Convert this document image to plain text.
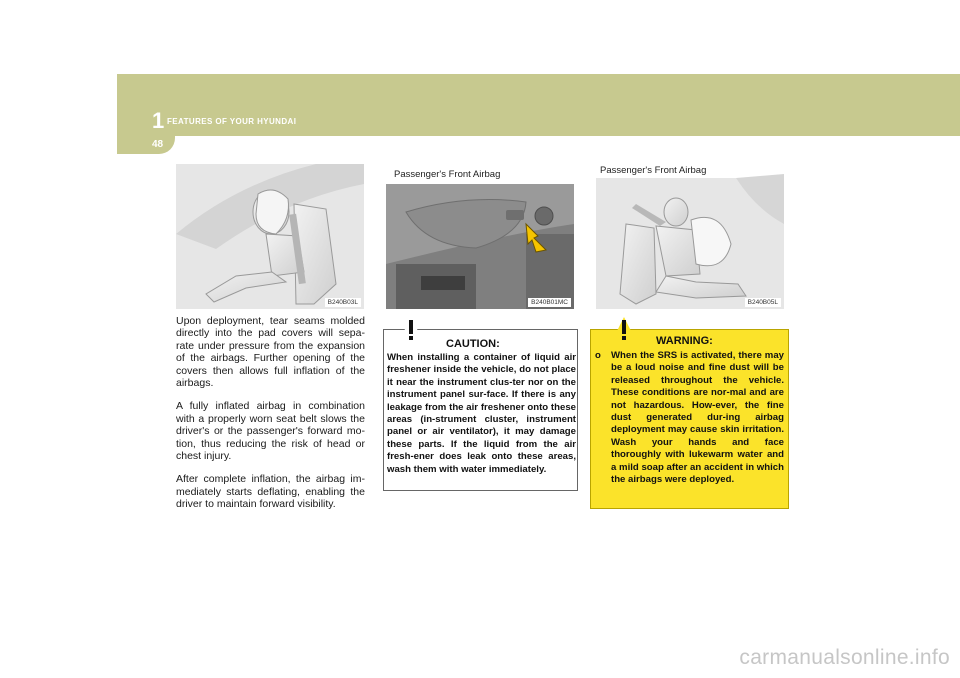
1 FEATURES OF YOUR HYUNDAI
48
B240B03L
Passenger's Front Airbag
B240B01MC
Passenger's Front Airbag
B240B05L

Upon deployment, tear seams molded directly into the pad covers will sepa-rate under pressure from the expansion of the airbags. Further opening of the covers then allows full inflation of the airbags.

A fully inflated airbag in combination with a properly worn seat belt slows the driver's or the passenger's forward mo-tion, thus reducing the risk of head or chest injury.

After complete inflation, the airbag im-mediately starts deflating, enabling the driver to maintain forward visibility.

CAUTION:
When installing a container of liquid air freshener inside the vehicle, do not place it near the instrument clus-ter nor on the instrument panel sur-face. If there is any leakage from the air freshener onto these areas (in-strument cluster, instrument panel or air ventilator), it may damage these parts. If the liquid from the air fresh-ener does leak onto these areas, wash them with water immediately.
WARNING:
o When the SRS is activated, there may be a loud noise and fine dust will be released throughout the vehicle. These conditions are nor-mal and are not hazardous. How-ever, the fine dust generated dur-ing airbag deployment may cause skin irritation. Wash your hands and face thoroughly with lukewarm water and a mild soap after an accident in which the airbags were deployed.
carmanualsonline.info
